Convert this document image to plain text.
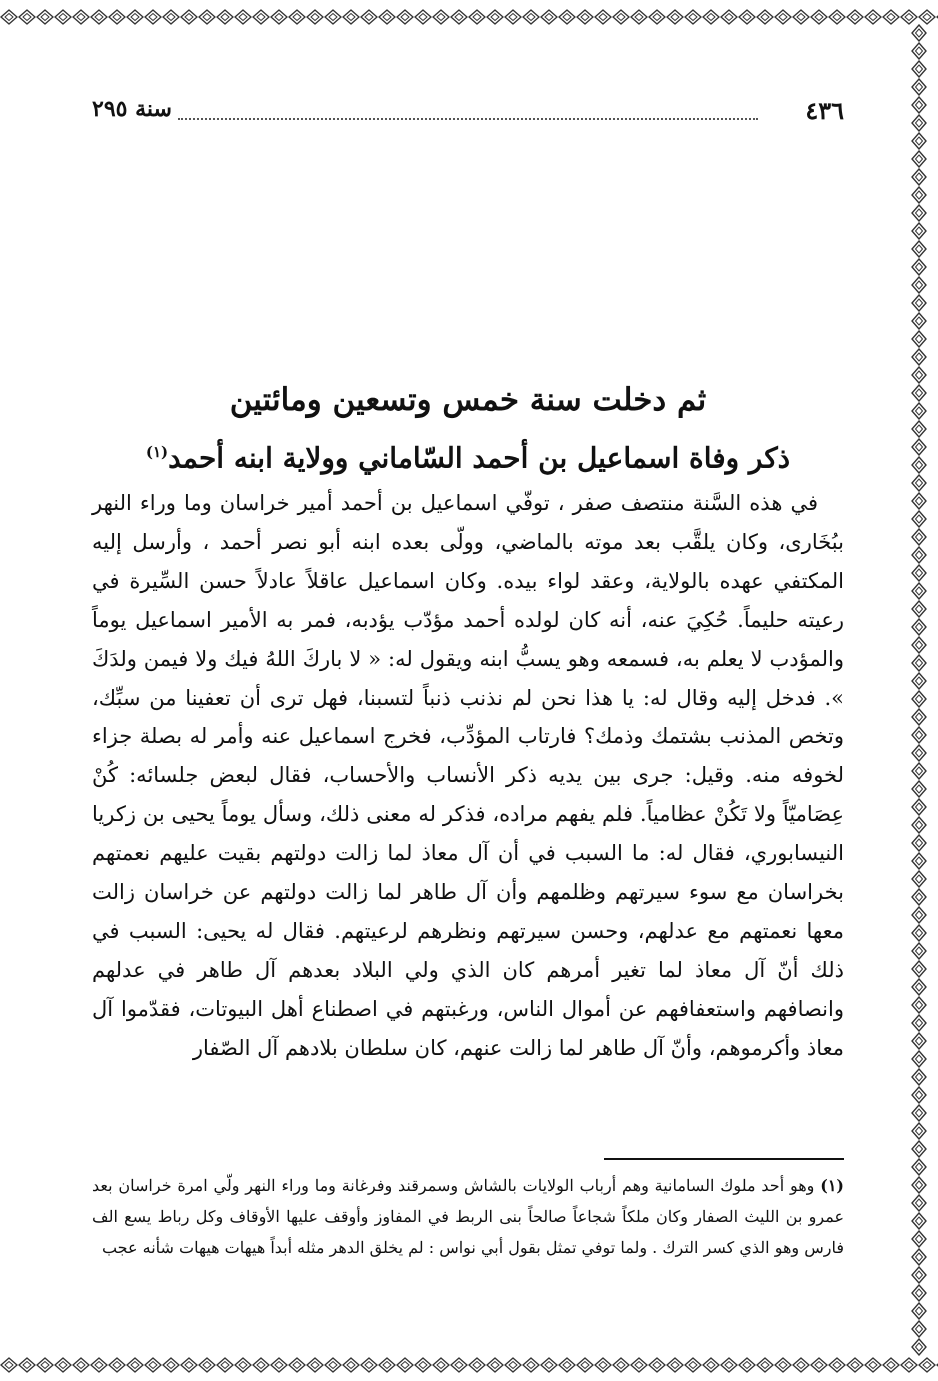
٤٣٦
سنة ٢٩٥
ثم دخلت سنة خمس وتسعين ومائتين
ذكر وفاة اسماعيل بن أحمد السّاماني وولاية ابنه أحمد$^{(١)}$

في هذه السَّنة منتصف صفر ، توفّي اسماعيل بن أحمد أمير خراسان وما وراء النهر ببُخَارى، وكان يلقَّب بعد موته بالماضي، وولّى بعده ابنه أبو نصر أحمد ، وأرسل إليه المكتفي عهده بالولاية، وعقد لواء بيده. وكان اسماعيل عاقلاً عادلاً حسن السِّيرة في رعيته حليماً. حُكِيَ عنه، أنه كان لولده أحمد مؤدّب يؤدبه، فمر به الأمير اسماعيل يوماً والمؤدب لا يعلم به، فسمعه وهو يسبُّ ابنه ويقول له: « لا باركَ اللهُ فيك ولا فيمن ولدَكَ ». فدخل إليه وقال له: يا هذا نحن لم نذنب ذنباً لتسبنا، فهل ترى أن تعفينا من سبِّك، وتخص المذنب بشتمك وذمك؟ فارتاب المؤدِّب، فخرج اسماعيل عنه وأمر له بصلة جزاء لخوفه منه. وقيل: جرى بين يديه ذكر الأنساب والأحساب، فقال لبعض جلسائه: كُنْ عِصَاميّاً ولا تَكُنْ عظامياً. فلم يفهم مراده، فذكر له معنى ذلك، وسأل يوماً يحيى بن زكريا النيسابوري، فقال له: ما السبب في أن آل معاذ لما زالت دولتهم بقيت عليهم نعمتهم بخراسان مع سوء سيرتهم وظلمهم وأن آل طاهر لما زالت دولتهم عن خراسان زالت معها نعمتهم مع عدلهم، وحسن سيرتهم ونظرهم لرعيتهم. فقال له يحيى: السبب في ذلك أنّ آل معاذ لما تغير أمرهم كان الذي ولي البلاد بعدهم آل طاهر في عدلهم وانصافهم واستعفافهم عن أموال الناس، ورغبتهم في اصطناع أهل البيوتات، فقدّموا آل معاذ وأكرموهم، وأنّ آل طاهر لما زالت عنهم، كان سلطان بلادهم آل الصّفار

(١) وهو أحد ملوك السامانية وهم أرباب الولايات بالشاش وسمرقند وفرغانة وما وراء النهر ولّي امرة خراسان بعد عمرو بن الليث الصفار وكان ملكاً شجاعاً صالحاً بنى الربط في المفاوز وأوقف عليها الأوقاف وكل رباط يسع الف فارس وهو الذي كسر الترك . ولما توفي تمثل بقول أبي نواس : لم يخلق الدهر مثله أبداً هيهات هيهات شأنه عجب
